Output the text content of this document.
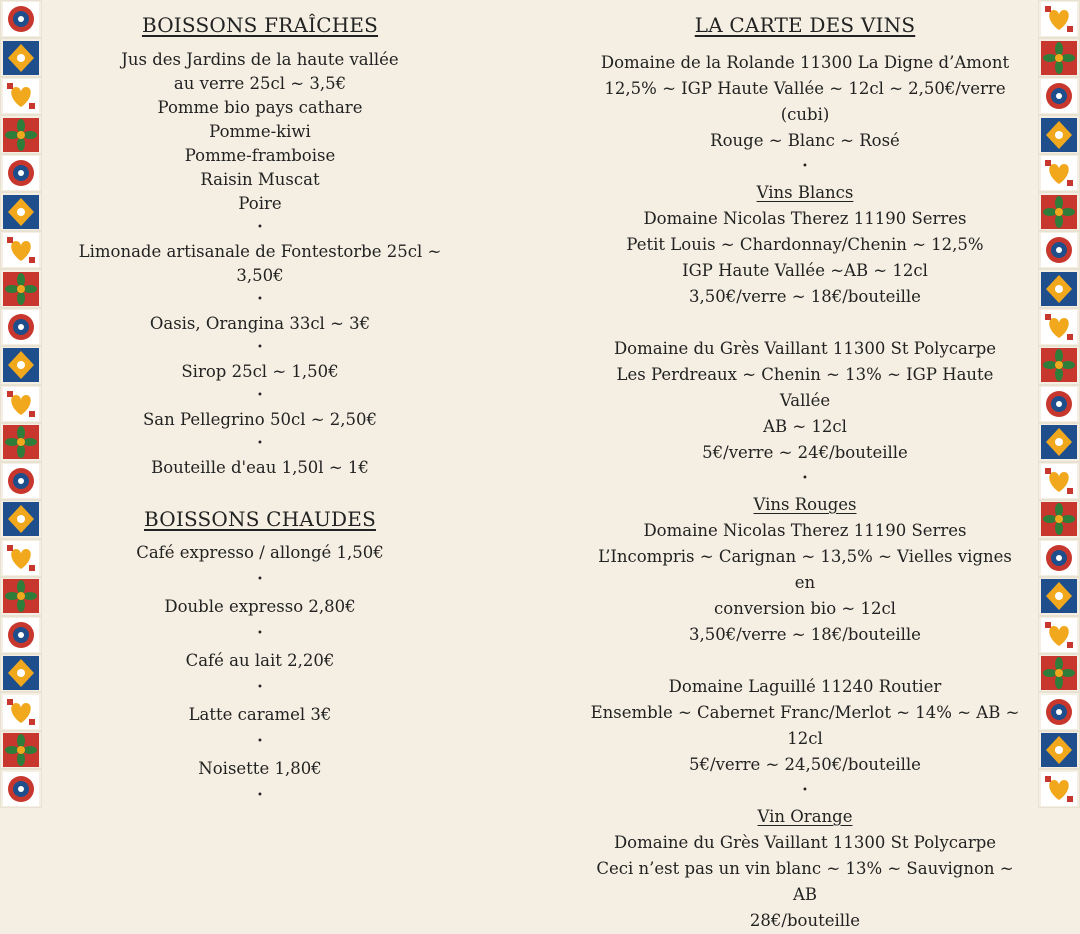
BOISSONS FRAÎCHES
Jus des Jardins de la haute vallée
au verre 25cl ~ 3,5€
Pomme bio pays cathare
Pomme-kiwi
Pomme-framboise
Raisin Muscat
Poire
•
Limonade artisanale de Fontestorbe 25cl ~ 3,50€
•
Oasis, Orangina 33cl ~ 3€
•
Sirop 25cl ~ 1,50€
•
San Pellegrino 50cl ~ 2,50€
•
Bouteille d'eau 1,50l ~ 1€
BOISSONS CHAUDES
Café expresso / allongé 1,50€
•
Double expresso 2,80€
•
Café au lait 2,20€
•
Latte caramel 3€
•
Noisette 1,80€
•
LA CARTE DES VINS
Domaine de la Rolande 11300 La Digne d’Amont
12,5% ~ IGP Haute Vallée ~ 12cl ~ 2,50€/verre (cubi)
Rouge ~ Blanc ~ Rosé
•
Vins Blancs
Domaine Nicolas Therez 11190 Serres
Petit Louis ~ Chardonnay/Chenin ~ 12,5%
IGP Haute Vallée ~AB ~ 12cl
3,50€/verre ~ 18€/bouteille
Domaine du Grès Vaillant 11300 St Polycarpe
Les Perdreaux ~ Chenin ~ 13% ~ IGP Haute Vallée
AB ~ 12cl
5€/verre ~ 24€/bouteille
•
Vins Rouges
Domaine Nicolas Therez 11190 Serres
L’Incompris ~ Carignan ~ 13,5% ~ Vielles vignes en
conversion bio ~ 12cl
3,50€/verre ~ 18€/bouteille
Domaine Laguillé 11240 Routier
Ensemble ~ Cabernet Franc/Merlot ~ 14% ~ AB ~ 12cl
5€/verre ~ 24,50€/bouteille
•
Vin Orange
Domaine du Grès Vaillant 11300 St Polycarpe
Ceci n’est pas un vin blanc ~ 13% ~ Sauvignon ~ AB
28€/bouteille
